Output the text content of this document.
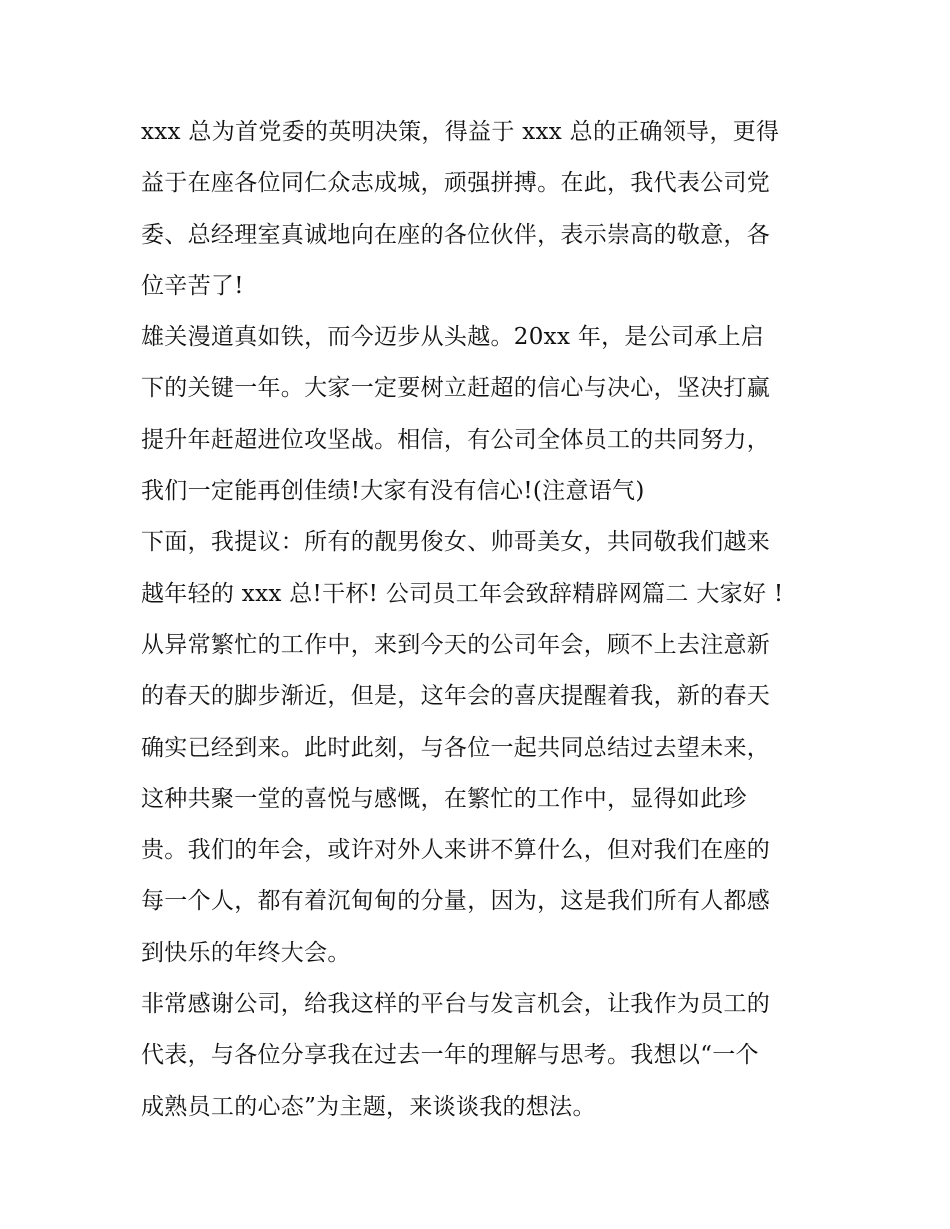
xxx 总为首党委的英明决策，得益于 xxx 总的正确领导，更得
益于在座各位同仁众志成城，顽强拼搏。在此，我代表公司党
委、总经理室真诚地向在座的各位伙伴，表示崇高的敬意，各
位辛苦了!
雄关漫道真如铁，而今迈步从头越。20xx 年，是公司承上启
下的关键一年。大家一定要树立赶超的信心与决心，坚决打赢
提升年赶超进位攻坚战。相信，有公司全体员工的共同努力，
我们一定能再创佳绩!大家有没有信心!(注意语气)
下面，我提议：所有的靓男俊女、帅哥美女，共同敬我们越来
越年轻的 xxx 总!干杯! 公司员工年会致辞精辟网篇二 大家好 !
从异常繁忙的工作中，来到今天的公司年会，顾不上去注意新
的春天的脚步渐近，但是，这年会的喜庆提醒着我，新的春天
确实已经到来。此时此刻，与各位一起共同总结过去望未来，
这种共聚一堂的喜悦与感慨，在繁忙的工作中，显得如此珍
贵。我们的年会，或许对外人来讲不算什么，但对我们在座的
每一个人，都有着沉甸甸的分量，因为，这是我们所有人都感
到快乐的年终大会。
非常感谢公司，给我这样的平台与发言机会，让我作为员工的
代表，与各位分享我在过去一年的理解与思考。我想以“一个
成熟员工的心态”为主题，来谈谈我的想法。
